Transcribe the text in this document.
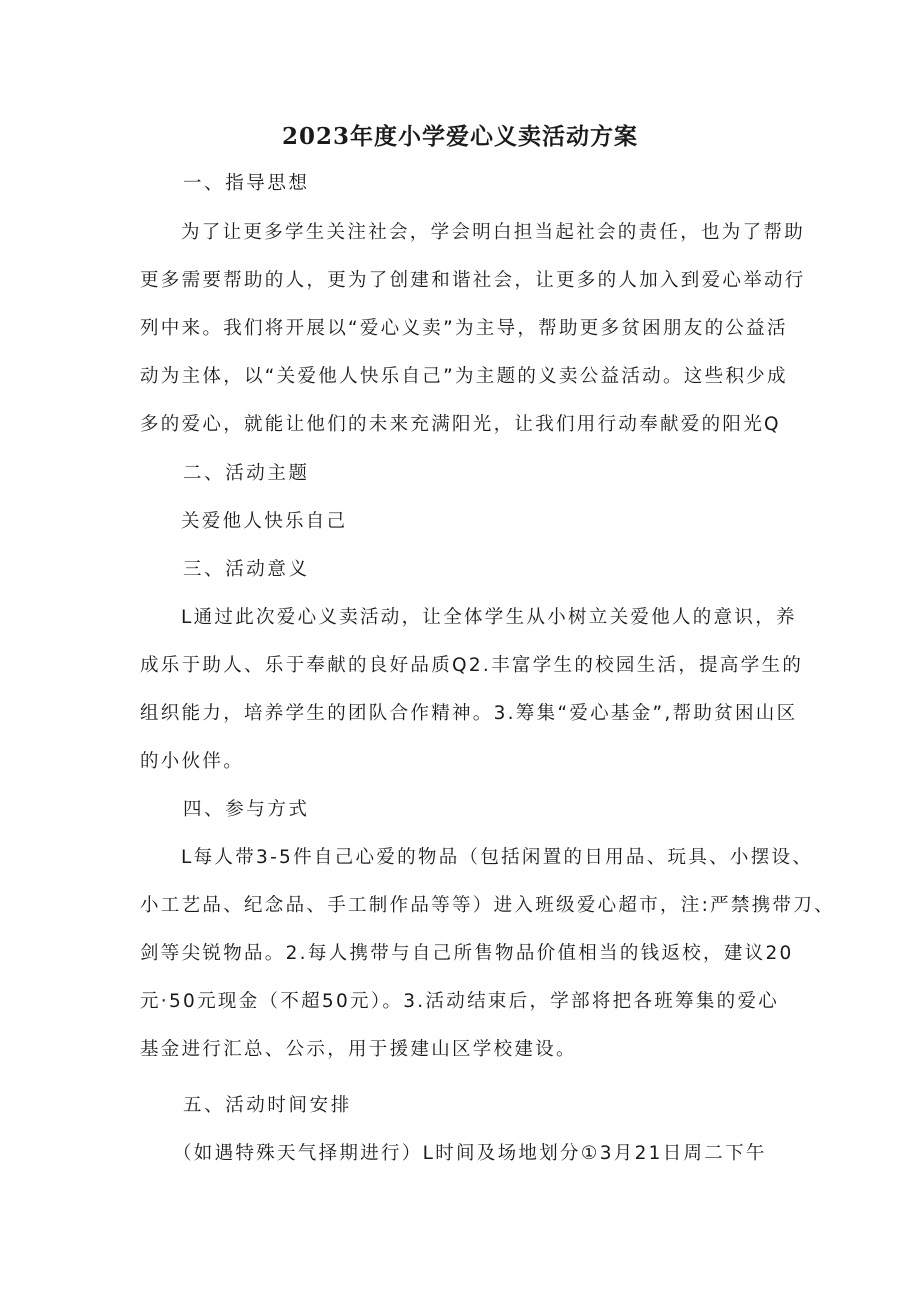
2023年度小学爱心义卖活动方案
一、指导思想
为了让更多学生关注社会，学会明白担当起社会的责任，也为了帮助
更多需要帮助的人，更为了创建和谐社会，让更多的人加入到爱心举动行
列中来。我们将开展以“爱心义卖”为主导，帮助更多贫困朋友的公益活
动为主体，以“关爱他人快乐自己”为主题的义卖公益活动。这些积少成
多的爱心，就能让他们的未来充满阳光，让我们用行动奉献爱的阳光Q
二、活动主题
关爱他人快乐自己
三、活动意义
L通过此次爱心义卖活动，让全体学生从小树立关爱他人的意识，养
成乐于助人、乐于奉献的良好品质Q2.丰富学生的校园生活，提高学生的
组织能力，培养学生的团队合作精神。3.筹集“爱心基金”,帮助贫困山区
的小伙伴。
四、参与方式
L每人带3-5件自己心爱的物品（包括闲置的日用品、玩具、小摆设、
小工艺品、纪念品、手工制作品等等）进入班级爱心超市，注:严禁携带刀、
剑等尖锐物品。2.每人携带与自己所售物品价值相当的钱返校，建议20
元·50元现金（不超50元）。3.活动结束后，学部将把各班筹集的爱心
基金进行汇总、公示，用于援建山区学校建设。
五、活动时间安排
（如遇特殊天气择期进行）L时间及场地划分①3月21日周二下午
